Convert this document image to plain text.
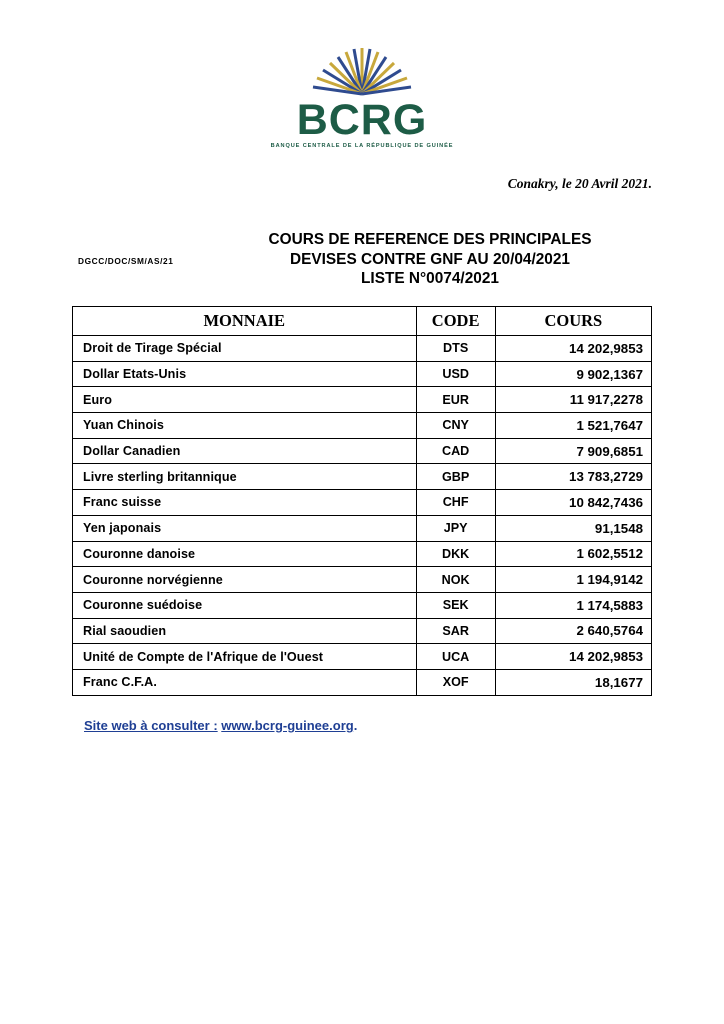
BCRG
BANQUE CENTRALE DE LA RÉPUBLIQUE DE GUINÉE
Conakry, le 20 Avril 2021.
DGCC/DOC/SM/AS/21
COURS DE REFERENCE DES PRINCIPALES
DEVISES CONTRE GNF AU 20/04/2021
LISTE N°0074/2021
MONNAIE	CODE	COURS
Droit de Tirage Spécial	DTS	14 202,9853
Dollar Etats-Unis	USD	9 902,1367
Euro	EUR	11 917,2278
Yuan Chinois	CNY	1 521,7647
Dollar Canadien	CAD	7 909,6851
Livre sterling britannique	GBP	13 783,2729
Franc suisse	CHF	10 842,7436
Yen japonais	JPY	91,1548
Couronne danoise	DKK	1 602,5512
Couronne norvégienne	NOK	1 194,9142
Couronne suédoise	SEK	1 174,5883
Rial saoudien	SAR	2 640,5764
Unité de Compte de l'Afrique de l'Ouest	UCA	14 202,9853
Franc C.F.A.	XOF	18,1677
Site web à consulter : www.bcrg-guinee.org.
